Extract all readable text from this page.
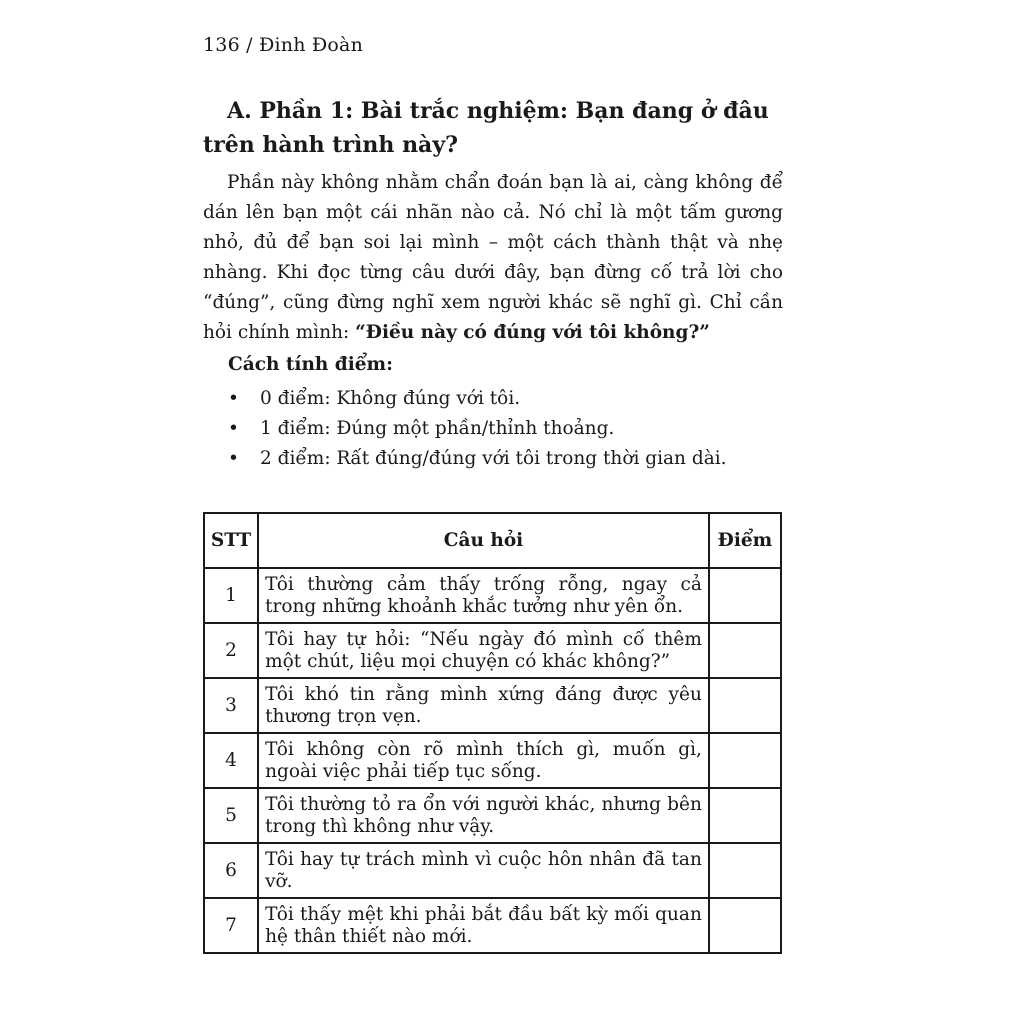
136 / Đinh Đoàn
A. Phần 1: Bài trắc nghiệm: Bạn đang ở đâu trên hành trình này?
Phần này không nhằm chẩn đoán bạn là ai, càng không để dán lên bạn một cái nhãn nào cả. Nó chỉ là một tấm gương nhỏ, đủ để bạn soi lại mình – một cách thành thật và nhẹ nhàng. Khi đọc từng câu dưới đây, bạn đừng cố trả lời cho “đúng”, cũng đừng nghĩ xem người khác sẽ nghĩ gì. Chỉ cần hỏi chính mình: “Điều này có đúng với tôi không?”
Cách tính điểm:
• 0 điểm: Không đúng với tôi.
• 1 điểm: Đúng một phần/thỉnh thoảng.
• 2 điểm: Rất đúng/đúng với tôi trong thời gian dài.
STT	Câu hỏi	Điểm
1	Tôi thường cảm thấy trống rỗng, ngay cả trong những khoảnh khắc tưởng như yên ổn.	
2	Tôi hay tự hỏi: “Nếu ngày đó mình cố thêm một chút, liệu mọi chuyện có khác không?”	
3	Tôi khó tin rằng mình xứng đáng được yêu thương trọn vẹn.	
4	Tôi không còn rõ mình thích gì, muốn gì, ngoài việc phải tiếp tục sống.	
5	Tôi thường tỏ ra ổn với người khác, nhưng bên trong thì không như vậy.	
6	Tôi hay tự trách mình vì cuộc hôn nhân đã tan vỡ.	
7	Tôi thấy mệt khi phải bắt đầu bất kỳ mối quan hệ thân thiết nào mới.	
